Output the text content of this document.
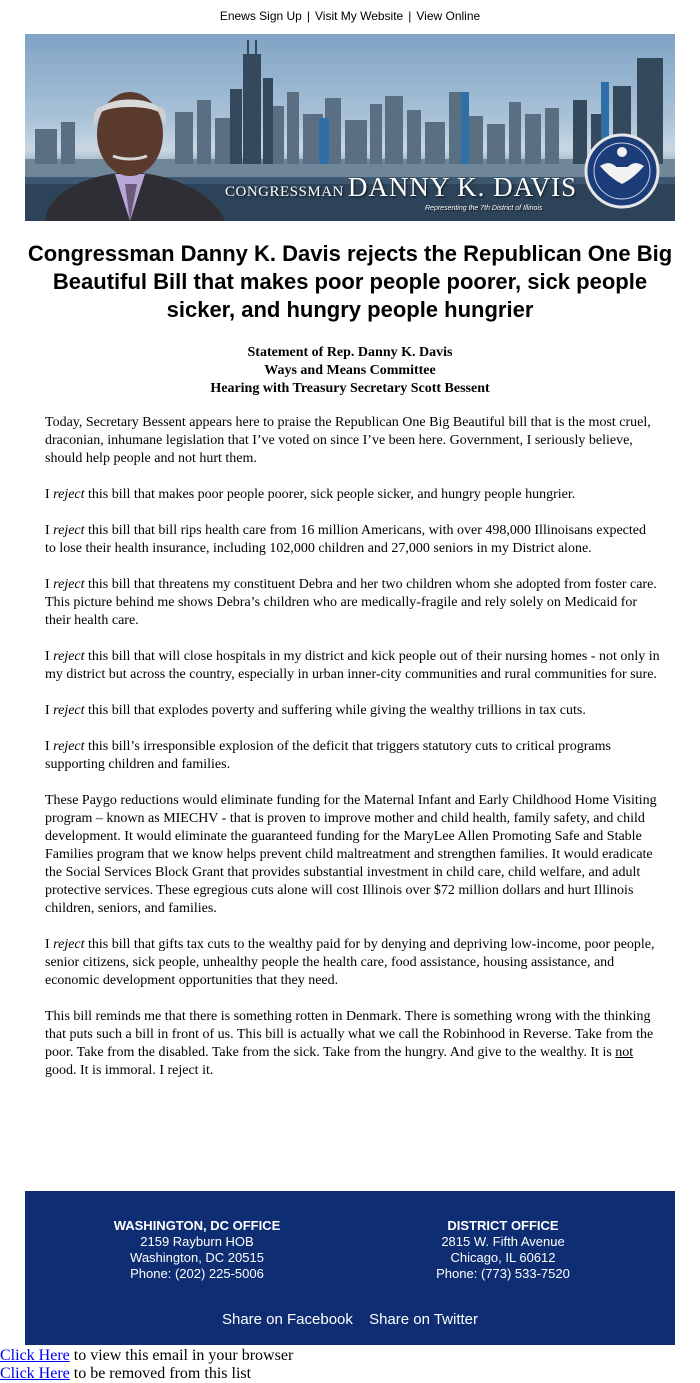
Enews Sign Up | Visit My Website | View Online
CONGRESSMAN DANNY K. DAVIS
Representing the 7th District of Illinois
Congressman Danny K. Davis rejects the Republican One Big Beautiful Bill that makes poor people poorer, sick people sicker, and hungry people hungrier
Statement of Rep. Danny K. Davis
Ways and Means Committee
Hearing with Treasury Secretary Scott Bessent

Today, Secretary Bessent appears here to praise the Republican One Big Beautiful bill that is the most cruel, draconian, inhumane legislation that I’ve voted on since I’ve been here. Government, I seriously believe, should help people and not hurt them.

I reject this bill that makes poor people poorer, sick people sicker, and hungry people hungrier.

I reject this bill that bill rips health care from 16 million Americans, with over 498,000 Illinoisans expected to lose their health insurance, including 102,000 children and 27,000 seniors in my District alone.

I reject this bill that threatens my constituent Debra and her two children whom she adopted from foster care. This picture behind me shows Debra’s children who are medically-fragile and rely solely on Medicaid for their health care.

I reject this bill that will close hospitals in my district and kick people out of their nursing homes - not only in my district but across the country, especially in urban inner-city communities and rural communities for sure.

I reject this bill that explodes poverty and suffering while giving the wealthy trillions in tax cuts.

I reject this bill’s irresponsible explosion of the deficit that triggers statutory cuts to critical programs supporting children and families.

These Paygo reductions would eliminate funding for the Maternal Infant and Early Childhood Home Visiting program – known as MIECHV - that is proven to improve mother and child health, family safety, and child development. It would eliminate the guaranteed funding for the MaryLee Allen Promoting Safe and Stable Families program that we know helps prevent child maltreatment and strengthen families. It would eradicate the Social Services Block Grant that provides substantial investment in child care, child welfare, and adult protective services. These egregious cuts alone will cost Illinois over $72 million dollars and hurt Illinois children, seniors, and families.

I reject this bill that gifts tax cuts to the wealthy paid for by denying and depriving low-income, poor people, senior citizens, sick people, unhealthy people the health care, food assistance, housing assistance, and economic development opportunities that they need.

This bill reminds me that there is something rotten in Denmark. There is something wrong with the thinking that puts such a bill in front of us. This bill is actually what we call the Robinhood in Reverse. Take from the poor. Take from the disabled. Take from the sick. Take from the hungry. And give to the wealthy. It is not good. It is immoral. I reject it.

WASHINGTON, DC OFFICE
2159 Rayburn HOB
Washington, DC 20515
Phone: (202) 225-5006
DISTRICT OFFICE
2815 W. Fifth Avenue
Chicago, IL 60612
Phone: (773) 533-7520
Share on Facebook Share on Twitter
Click Here to view this email in your browser
Click Here to be removed from this list
